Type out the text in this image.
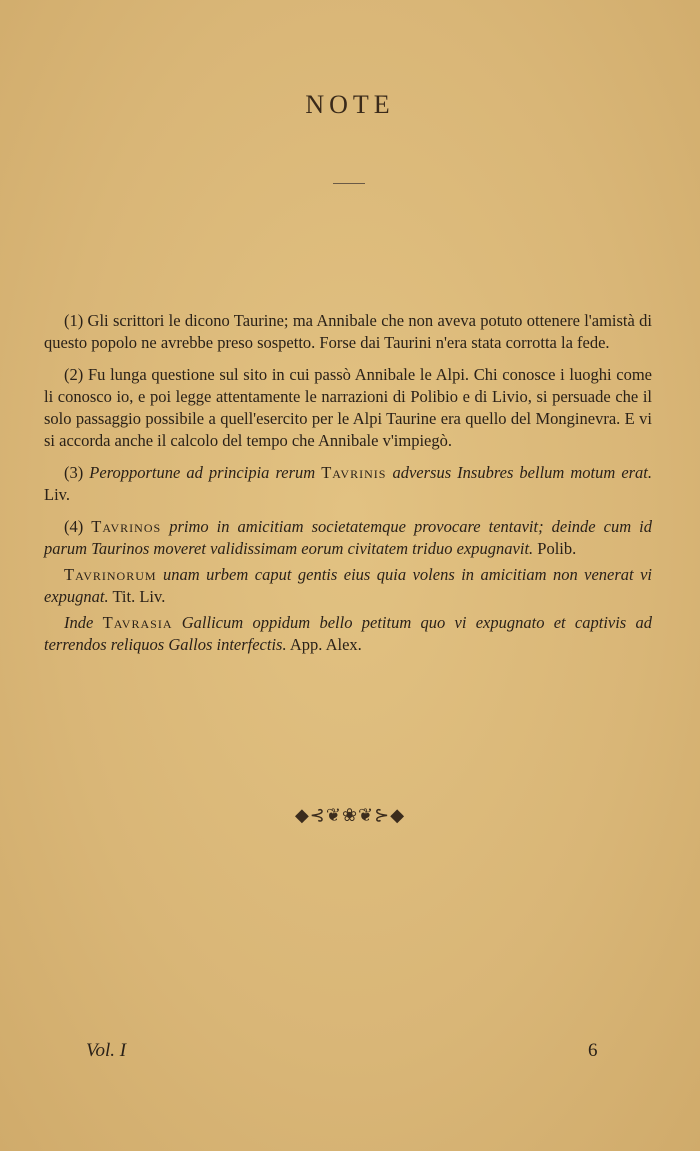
NOTE

(1) Gli scrittori le dicono Taurine; ma Annibale che non aveva potuto ottenere l'amistà di questo popolo ne avrebbe preso sospetto. Forse dai Taurini n'era stata corrotta la fede.

(2) Fu lunga questione sul sito in cui passò Annibale le Alpi. Chi conosce i luoghi come li conosco io, e poi legge attentamente le narrazioni di Polibio e di Livio, si persuade che il solo passaggio possibile a quell'esercito per le Alpi Taurine era quello del Monginevra. E vi si accorda anche il calcolo del tempo che Annibale v'impiegò.

(3) Peropportune ad principia rerum Tavrinis adversus Insubres bellum motum erat. Liv.

(4) Tavrinos primo in amicitiam societatemque provocare tentavit; deinde cum id parum Taurinos moveret validissimam eorum civitatem triduo expugnavit. Polib.

Tavrinorum unam urbem caput gentis eius quia volens in amicitiam non venerat vi expugnat. Tit. Liv.

Inde Tavrasia Gallicum oppidum bello petitum quo vi expugnato et captivis ad terrendos reliquos Gallos interfectis. App. Alex.

◆⊰❦❀❦⊱◆
Vol. I	6
